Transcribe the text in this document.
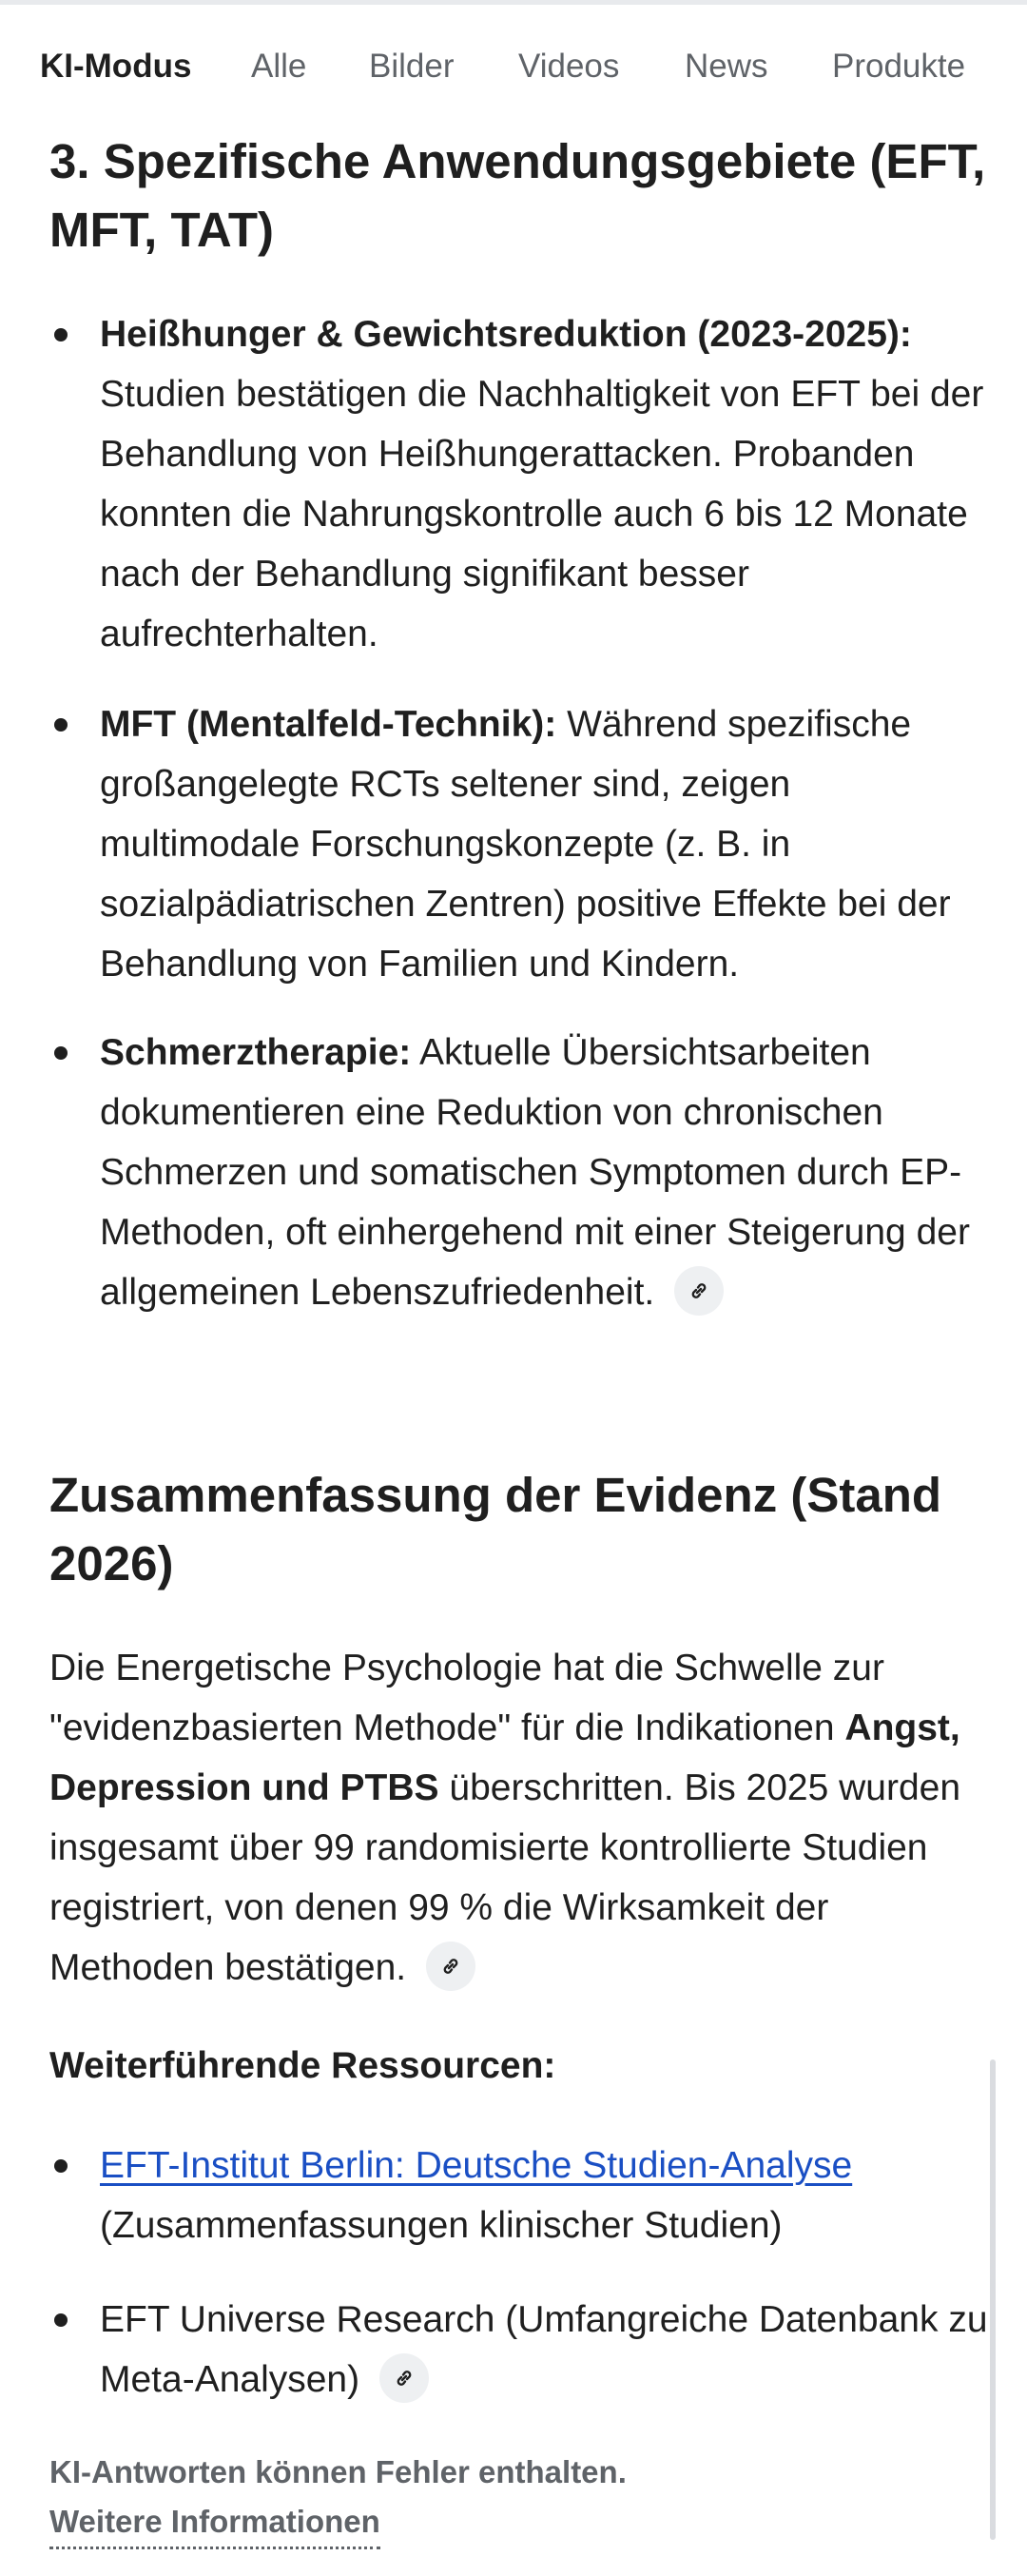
KI-Modus Alle Bilder Videos News Produkte
3. Spezifische Anwendungsgebiete (EFT, MFT, TAT)

Heißhunger & Gewichtsreduktion (2023-2025): Studien bestätigen die Nachhaltigkeit von EFT bei der Behandlung von Heißhungerattacken. Probanden konnten die Nahrungskontrolle auch 6 bis 12 Monate nach der Behandlung signifikant besser aufrechterhalten.

MFT (Mentalfeld-Technik): Während spezifische großangelegte RCTs seltener sind, zeigen multimodale Forschungskonzepte (z. B. in sozialpädiatrischen Zentren) positive Effekte bei der Behandlung von Familien und Kindern.

Schmerztherapie: Aktuelle Übersichtsarbeiten dokumentieren eine Reduktion von chronischen Schmerzen und somatischen Symptomen durch EP-Methoden, oft einhergehend mit einer Steigerung der allgemeinen Lebenszufriedenheit.

Zusammenfassung der Evidenz (Stand 2026)

Die Energetische Psychologie hat die Schwelle zur "evidenzbasierten Methode" für die Indikationen Angst, Depression und PTBS überschritten. Bis 2025 wurden insgesamt über 99 randomisierte kontrollierte Studien registriert, von denen 99 % die Wirksamkeit der Methoden bestätigen.

Weiterführende Ressourcen:

EFT-Institut Berlin: Deutsche Studien-Analyse
(Zusammenfassungen klinischer Studien)

EFT Universe Research (Umfangreiche Datenbank zu Meta-Analysen)

KI-Antworten können Fehler enthalten.

Weitere Informationen
